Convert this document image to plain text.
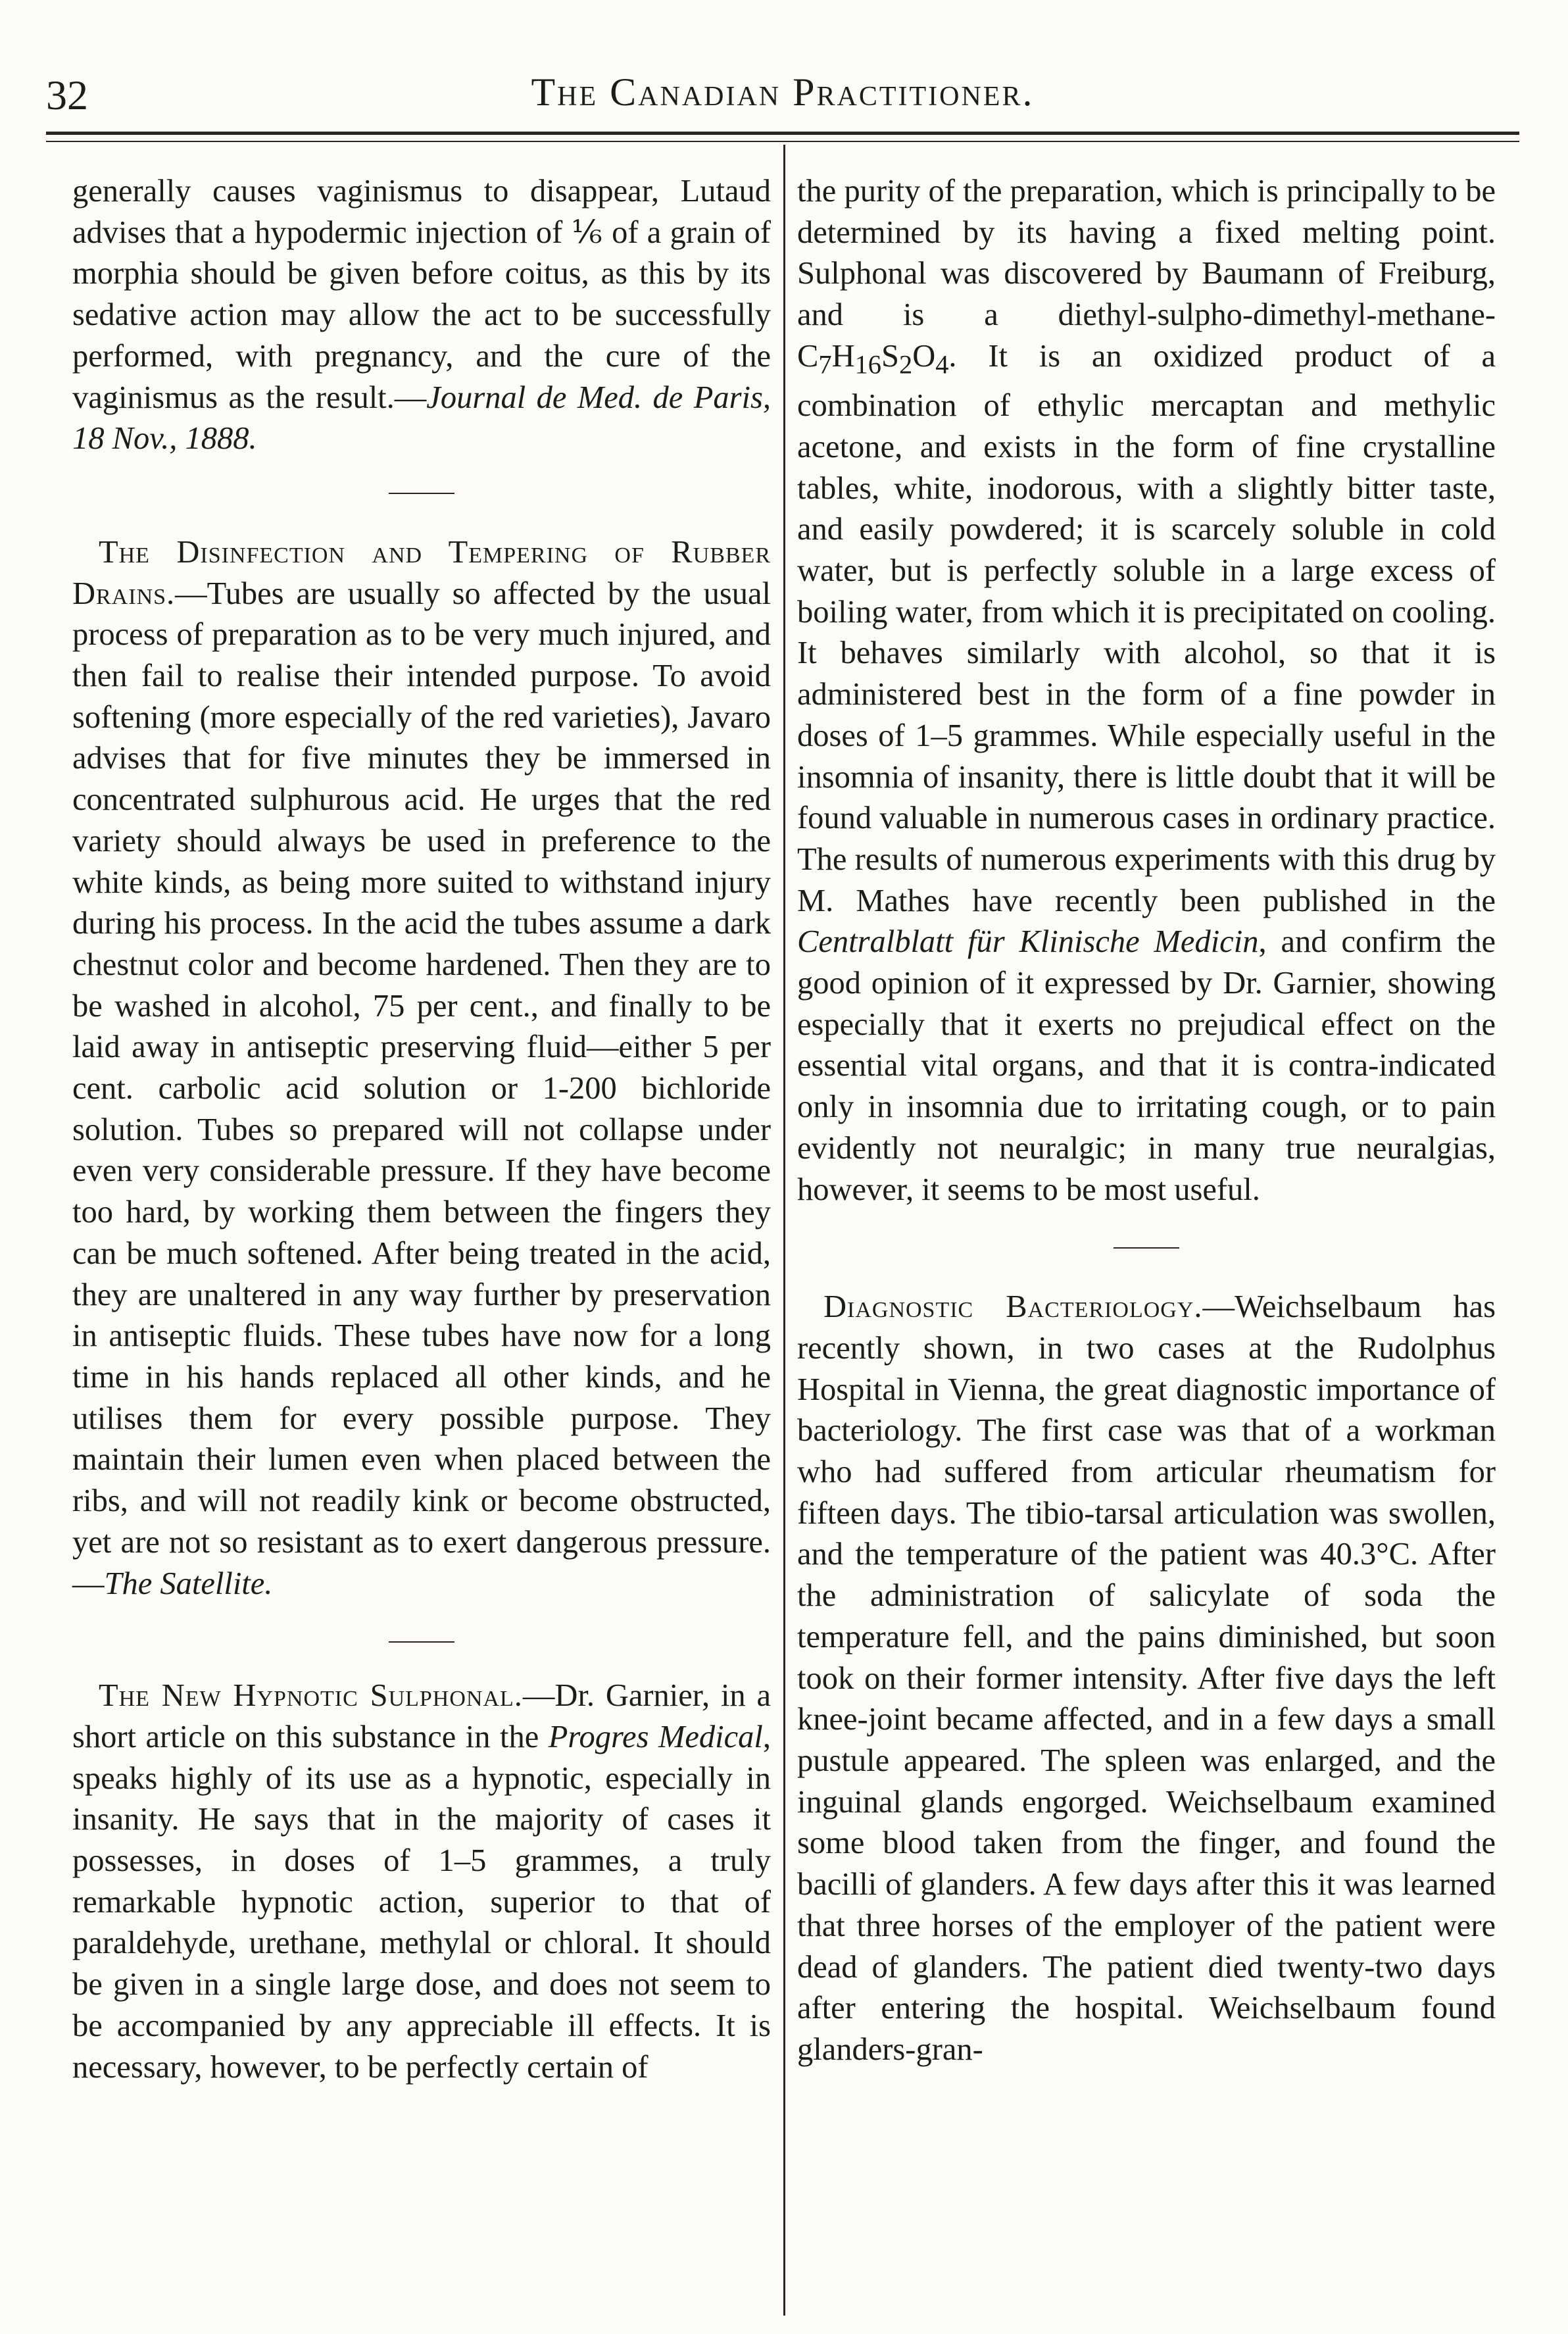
32	The Canadian Practitioner.

generally causes vaginismus to disappear, Lutaud advises that a hypodermic injection of ⅙ of a grain of morphia should be given before coitus, as this by its sedative action may allow the act to be successfully performed, with pregnancy, and the cure of the vaginismus as the result.—Journal de Med. de Paris, 18 Nov., 1888.

The Disinfection and Tempering of Rubber Drains.—Tubes are usually so affected by the usual process of preparation as to be very much injured, and then fail to realise their intended purpose. To avoid softening (more especially of the red varieties), Javaro advises that for five minutes they be immersed in concentrated sulphurous acid. He urges that the red variety should always be used in preference to the white kinds, as being more suited to withstand injury during his process. In the acid the tubes assume a dark chestnut color and become hardened. Then they are to be washed in alcohol, 75 per cent., and finally to be laid away in antiseptic preserving fluid—either 5 per cent. carbolic acid solution or 1-200 bichloride solution. Tubes so prepared will not collapse under even very considerable pressure. If they have become too hard, by working them between the fingers they can be much softened. After being treated in the acid, they are unaltered in any way further by preservation in antiseptic fluids. These tubes have now for a long time in his hands replaced all other kinds, and he utilises them for every possible purpose. They maintain their lumen even when placed between the ribs, and will not readily kink or become obstructed, yet are not so resistant as to exert dangerous pressure.—The Satellite.

The New Hypnotic Sulphonal.—Dr. Garnier, in a short article on this substance in the Progres Medical, speaks highly of its use as a hypnotic, especially in insanity. He says that in the majority of cases it possesses, in doses of 1–5 grammes, a truly remarkable hypnotic action, superior to that of paraldehyde, urethane, methylal or chloral. It should be given in a single large dose, and does not seem to be accompanied by any appreciable ill effects. It is necessary, however, to be perfectly certain of

the purity of the preparation, which is principally to be determined by its having a fixed melting point. Sulphonal was discovered by Baumann of Freiburg, and is a diethyl-$sulpho-dimethyl-methane-C_7H_{16}S_2O_4$. It is an oxidized product of a combination of ethylic mercaptan and methylic acetone, and exists in the form of fine crystalline tables, white, inodorous, with a slightly bitter taste, and easily powdered; it is scarcely soluble in cold water, but is perfectly soluble in a large excess of boiling water, from which it is precipitated on cooling. It behaves similarly with alcohol, so that it is administered best in the form of a fine powder in doses of 1–5 grammes. While especially useful in the insomnia of insanity, there is little doubt that it will be found valuable in numerous cases in ordinary practice. The results of numerous experiments with this drug by M. Mathes have recently been published in the Centralblatt für Klinische Medicin, and confirm the good opinion of it expressed by Dr. Garnier, showing especially that it exerts no prejudical effect on the essential vital organs, and that it is contra-indicated only in insomnia due to irritating cough, or to pain evidently not neuralgic; in many true neuralgias, however, it seems to be most useful.

Diagnostic Bacteriology.—Weichselbaum has recently shown, in two cases at the Rudolphus Hospital in Vienna, the great diagnostic importance of bacteriology. The first case was that of a workman who had suffered from articular rheumatism for fifteen days. The tibio-tarsal articulation was swollen, and the temperature of the patient was 40.3°C. After the administration of salicylate of soda the temperature fell, and the pains diminished, but soon took on their former intensity. After five days the left knee-joint became affected, and in a few days a small pustule appeared. The spleen was enlarged, and the inguinal glands engorged. Weichselbaum examined some blood taken from the finger, and found the bacilli of glanders. A few days after this it was learned that three horses of the employer of the patient were dead of glanders. The patient died twenty-two days after entering the hospital. Weichselbaum found glanders-gran-
